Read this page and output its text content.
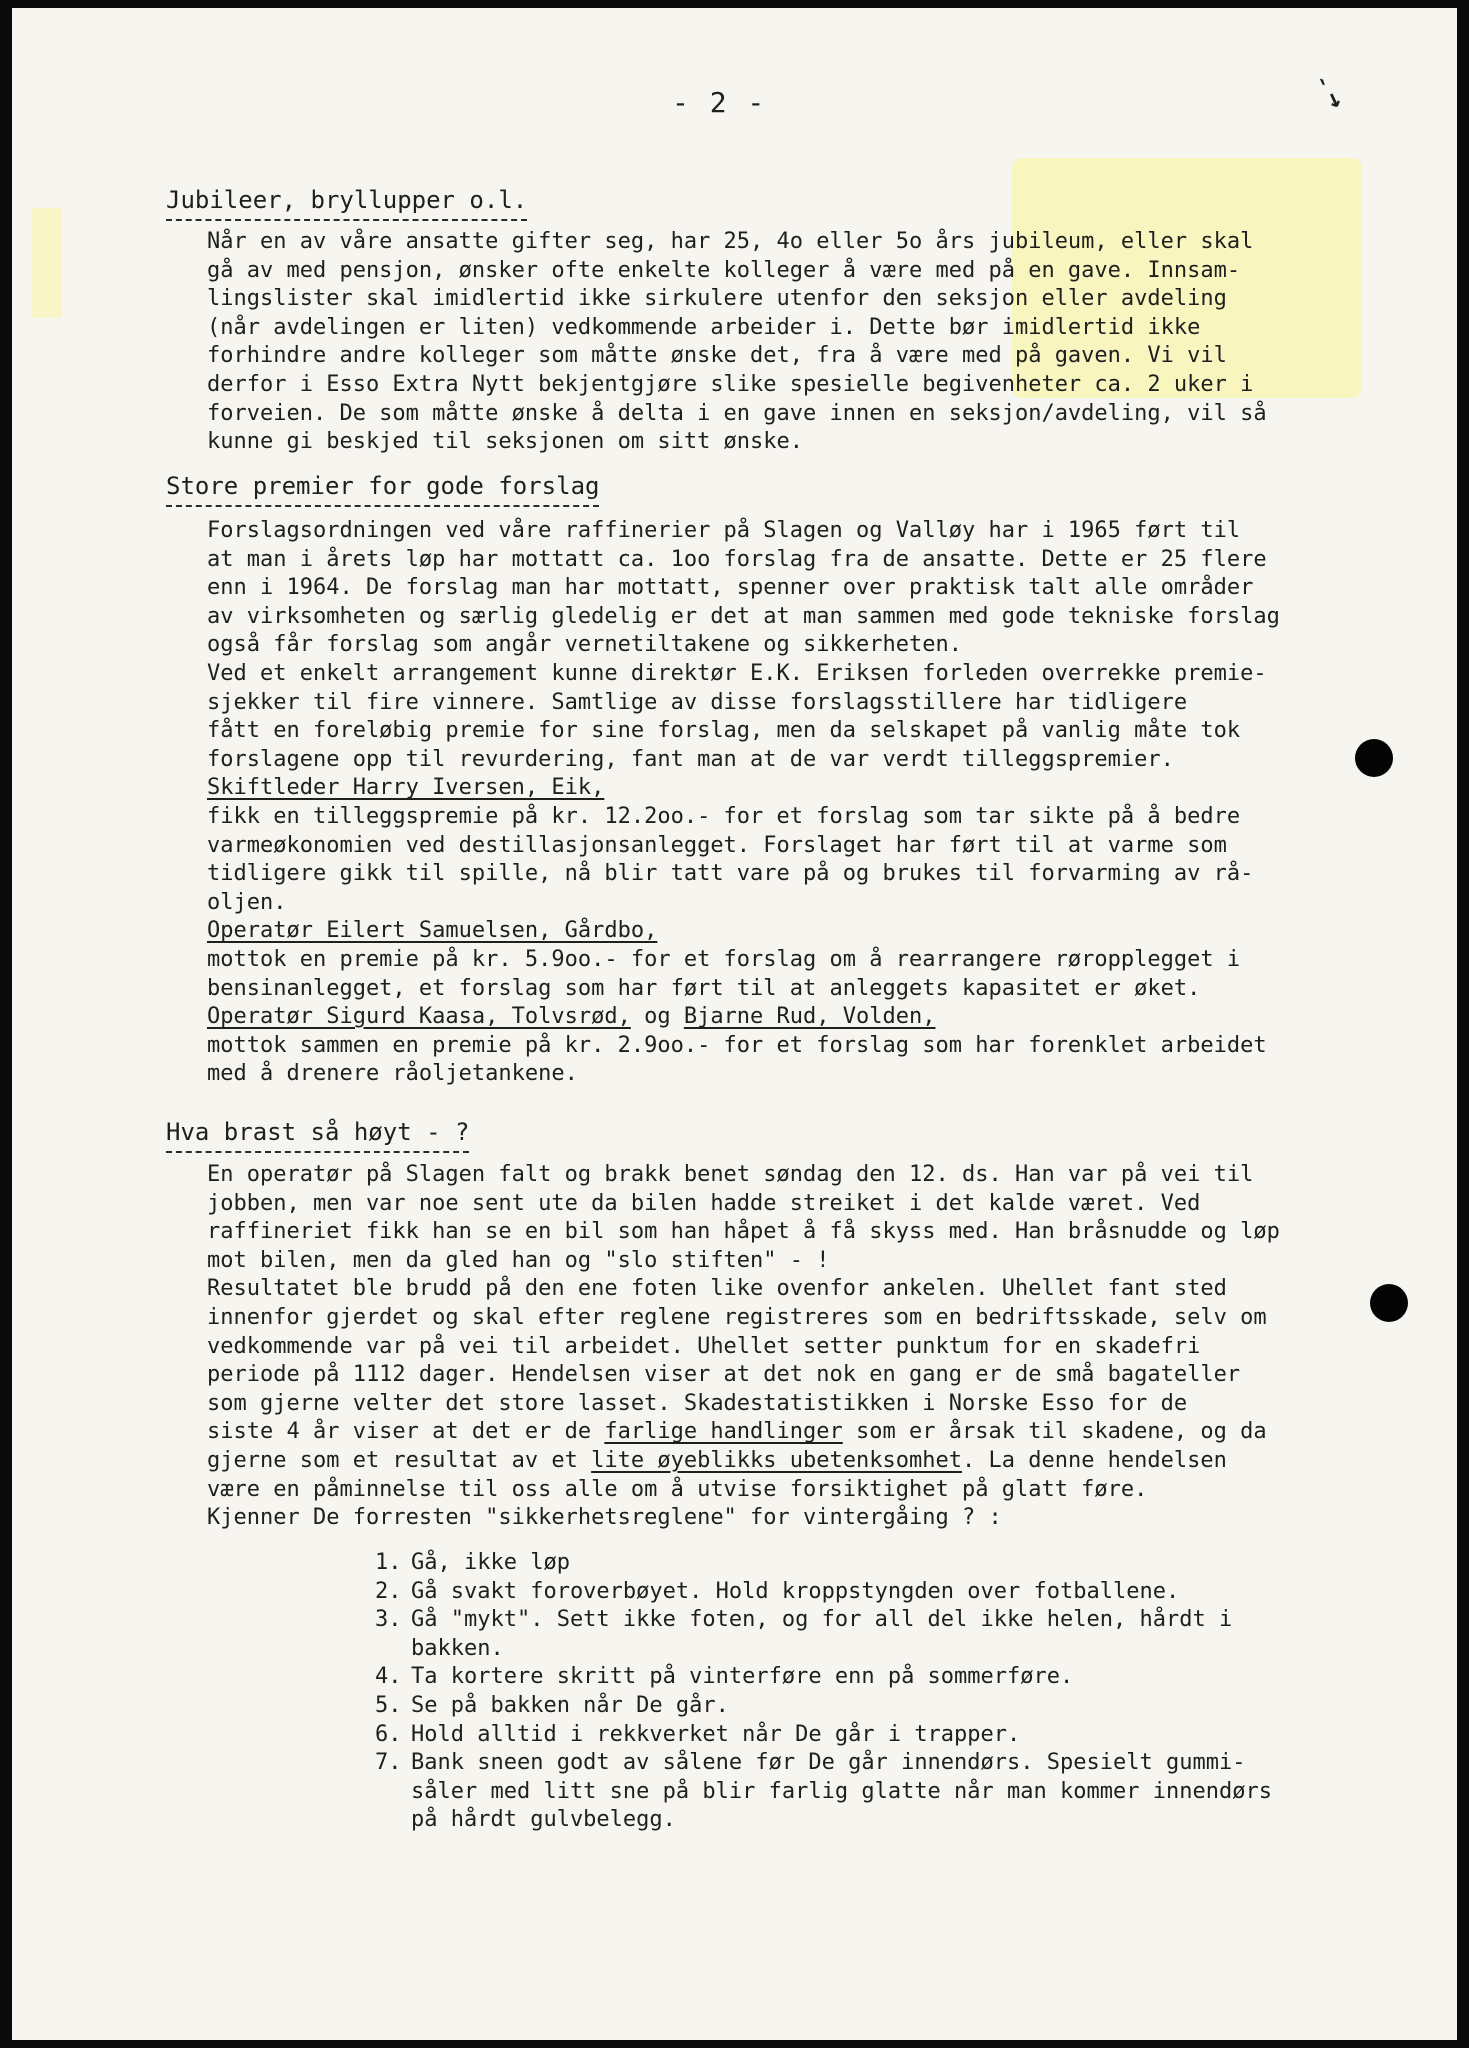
- 2 -	`↘
Jubileer, bryllupper o.l.

Når en av våre ansatte gifter seg, har 25, 4o eller 5o års jubileum, eller skal
gå av med pensjon, ønsker ofte enkelte kolleger å være med på en gave. Innsam-
lingslister skal imidlertid ikke sirkulere utenfor den seksjon eller avdeling
(når avdelingen er liten) vedkommende arbeider i. Dette bør imidlertid ikke
forhindre andre kolleger som måtte ønske det, fra å være med på gaven. Vi vil
derfor i Esso Extra Nytt bekjentgjøre slike spesielle begivenheter ca. 2 uker i
forveien. De som måtte ønske å delta i en gave innen en seksjon/avdeling, vil så
kunne gi beskjed til seksjonen om sitt ønske.

Store premier for gode forslag

Forslagsordningen ved våre raffinerier på Slagen og Valløy har i 1965 ført til
at man i årets løp har mottatt ca. 1oo forslag fra de ansatte. Dette er 25 flere
enn i 1964. De forslag man har mottatt, spenner over praktisk talt alle områder
av virksomheten og særlig gledelig er det at man sammen med gode tekniske forslag
også får forslag som angår vernetiltakene og sikkerheten.
Ved et enkelt arrangement kunne direktør E.K. Eriksen forleden overrekke premie-
sjekker til fire vinnere. Samtlige av disse forslagsstillere har tidligere
fått en foreløbig premie for sine forslag, men da selskapet på vanlig måte tok
forslagene opp til revurdering, fant man at de var verdt tilleggspremier.
Skiftleder Harry Iversen, Eik,
fikk en tilleggspremie på kr. 12.2oo.- for et forslag som tar sikte på å bedre
varmeøkonomien ved destillasjonsanlegget. Forslaget har ført til at varme som
tidligere gikk til spille, nå blir tatt vare på og brukes til forvarming av rå-
oljen.
Operatør Eilert Samuelsen, Gårdbo,
mottok en premie på kr. 5.9oo.- for et forslag om å rearrangere røropplegget i
bensinanlegget, et forslag som har ført til at anleggets kapasitet er øket.
Operatør Sigurd Kaasa, Tolvsrød, og Bjarne Rud, Volden,
mottok sammen en premie på kr. 2.9oo.- for et forslag som har forenklet arbeidet
med å drenere råoljetankene.

Hva brast så høyt - ?

En operatør på Slagen falt og brakk benet søndag den 12. ds. Han var på vei til
jobben, men var noe sent ute da bilen hadde streiket i det kalde været. Ved
raffineriet fikk han se en bil som han håpet å få skyss med. Han bråsnudde og løp
mot bilen, men da gled han og "slo stiften" - !
Resultatet ble brudd på den ene foten like ovenfor ankelen. Uhellet fant sted
innenfor gjerdet og skal efter reglene registreres som en bedriftsskade, selv om
vedkommende var på vei til arbeidet. Uhellet setter punktum for en skadefri
periode på 1112 dager. Hendelsen viser at det nok en gang er de små bagateller
som gjerne velter det store lasset. Skadestatistikken i Norske Esso for de
siste 4 år viser at det er de farlige handlinger som er årsak til skadene, og da
gjerne som et resultat av et lite øyeblikks ubetenksomhet. La denne hendelsen
være en påminnelse til oss alle om å utvise forsiktighet på glatt føre.
Kjenner De forresten "sikkerhetsreglene" for vintergåing ? :

1. Gå, ikke løp
2. Gå svakt foroverbøyet. Hold kroppstyngden over fotballene.
3. Gå "mykt". Sett ikke foten, og for all del ikke helen, hårdt i
bakken.
4. Ta kortere skritt på vinterføre enn på sommerføre.
5. Se på bakken når De går.
6. Hold alltid i rekkverket når De går i trapper.
7. Bank sneen godt av sålene før De går innendørs. Spesielt gummi-
såler med litt sne på blir farlig glatte når man kommer innendørs
på hårdt gulvbelegg.
